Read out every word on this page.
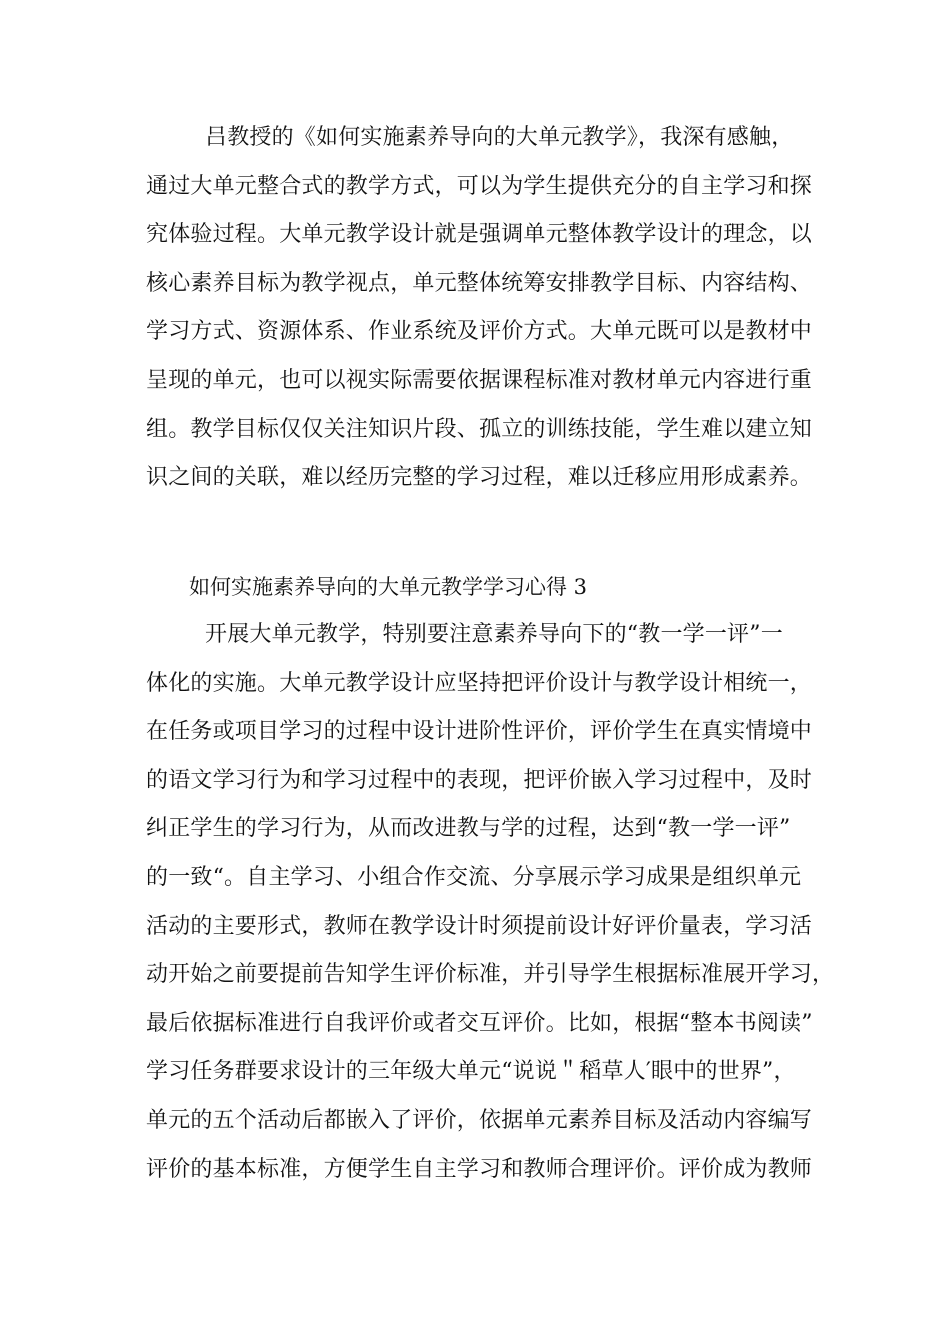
吕教授的《如何实施素养导向的大单元教学》，我深有感触，
通过大单元整合式的教学方式，可以为学生提供充分的自主学习和探
究体验过程。大单元教学设计就是强调单元整体教学设计的理念，以
核心素养目标为教学视点，单元整体统筹安排教学目标、内容结构、
学习方式、资源体系、作业系统及评价方式。大单元既可以是教材中
呈现的单元，也可以视实际需要依据课程标准对教材单元内容进行重
组。教学目标仅仅关注知识片段、孤立的训练技能，学生难以建立知
识之间的关联，难以经历完整的学习过程，难以迁移应用形成素养。
如何实施素养导向的大单元教学学习心得 3
开展大单元教学，特别要注意素养导向下的“教一学一评”一
体化的实施。大单元教学设计应坚持把评价设计与教学设计相统一，
在任务或项目学习的过程中设计进阶性评价，评价学生在真实情境中
的语文学习行为和学习过程中的表现，把评价嵌入学习过程中，及时
纠正学生的学习行为，从而改进教与学的过程，达到“教一学一评”
的一致“。自主学习、小组合作交流、分享展示学习成果是组织单元
活动的主要形式，教师在教学设计时须提前设计好评价量表，学习活
动开始之前要提前告知学生评价标准，并引导学生根据标准展开学习，
最后依据标准进行自我评价或者交互评价。比如，根据“整本书阅读”
学习任务群要求设计的三年级大单元“说说＂稻草人′眼中的世界”，
单元的五个活动后都嵌入了评价，依据单元素养目标及活动内容编写
评价的基本标准，方便学生自主学习和教师合理评价。评价成为教师
